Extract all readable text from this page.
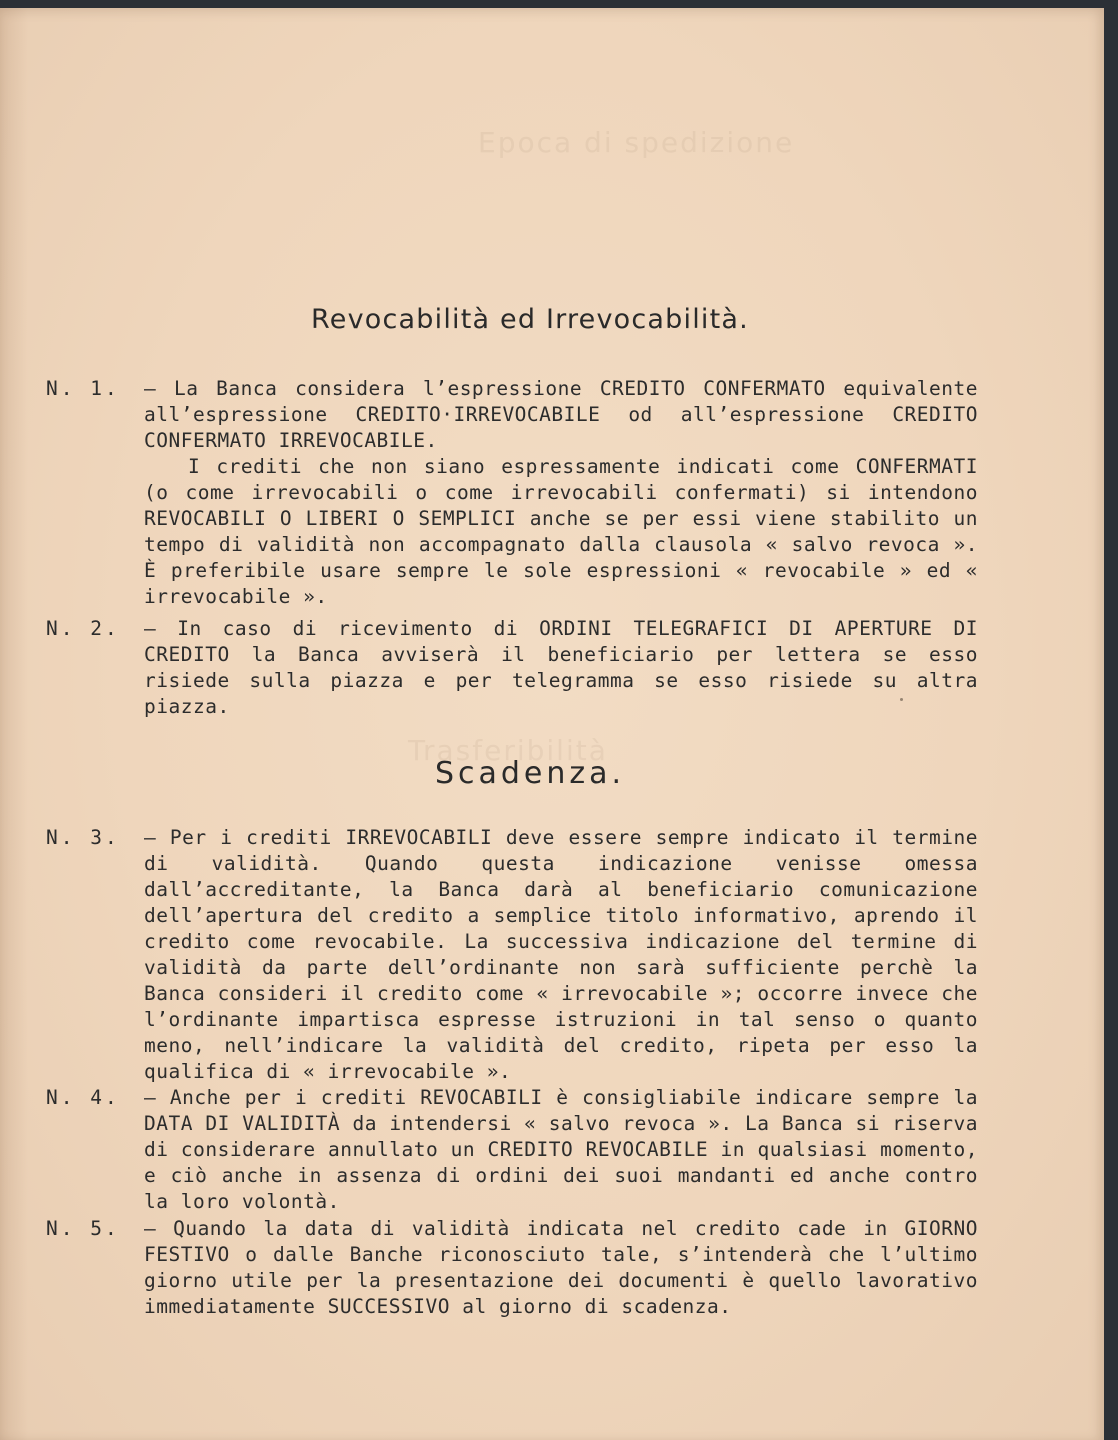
Epoca di spedizione
Trasferibilità
Revocabilità ed Irrevocabilità.
N. 1. — La Banca considera l’espressione CREDITO CONFERMATO equivalente all’espressione CREDITO·IRREVOCABILE od all’espressione CREDITO CONFERMATO IRREVOCABILE.
I crediti che non siano espressamente indicati come CONFERMATI (o come irrevocabili o come irrevocabili confermati) si intendono REVOCABILI O LIBERI O SEMPLICI anche se per essi viene stabilito un tempo di validità non accompagnato dalla clausola « salvo revoca ». È preferibile usare sempre le sole espressioni « revocabile » ed « irrevocabile ».
N. 2. — In caso di ricevimento di ORDINI TELEGRAFICI DI APERTURE DI CREDITO la Banca avviserà il beneficiario per lettera se esso risiede sulla piazza e per telegramma se esso risiede su altra piazza.
Scadenza.
N. 3. — Per i crediti IRREVOCABILI deve essere sempre indicato il termine di validità. Quando questa indicazione venisse omessa dall’accreditante, la Banca darà al beneficiario comunicazione dell’apertura del credito a semplice titolo informativo, aprendo il credito come revocabile. La successiva indicazione del termine di validità da parte dell’ordinante non sarà sufficiente perchè la Banca consideri il credito come « irrevocabile »; occorre invece che l’ordinante impartisca espresse istruzioni in tal senso o quanto meno, nell’indicare la validità del credito, ripeta per esso la qualifica di « irrevocabile ».
N. 4. — Anche per i crediti REVOCABILI è consigliabile indicare sempre la DATA DI VALIDITÀ da intendersi « salvo revoca ». La Banca si riserva di considerare annullato un CREDITO REVOCABILE in qualsiasi momento, e ciò anche in assenza di ordini dei suoi mandanti ed anche contro la loro volontà.
N. 5. — Quando la data di validità indicata nel credito cade in GIORNO FESTIVO o dalle Banche riconosciuto tale, s’intenderà che l’ultimo giorno utile per la presentazione dei documenti è quello lavorativo immediatamente SUCCESSIVO al giorno di scadenza.
